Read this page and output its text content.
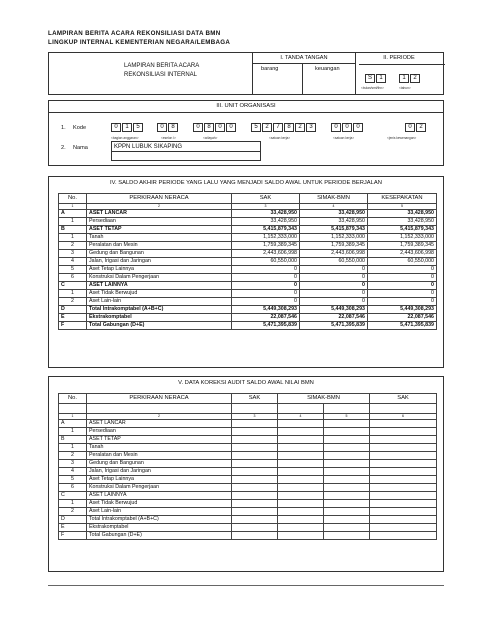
LAMPIRAN BERITA ACARA REKONSILIASI DATA BMN
LINGKUP INTERNAL KEMENTERIAN NEGARA/LEMBAGA
LAMPIRAN BERITA ACARA
REKONSILIASI INTERNAL
I. TANDA TANGAN
barang	keuangan
II. PERIODE
S	1	1	2
<bulan/smt/thn>	<tahun>
III. UNIT ORGANISASI
1. Kode	0	1	5	0	8	0	8	0	0	5	2	7	8	2	3	0	0	0	0	2
<bagian anggaran>	<eselon I>	<wilayah>	<satuan kerja>	<satuan kerja>	<jenis kewenangan>
2. Nama	KPPN LUBUK SIKAPING
IV. SALDO AKHIR PERIODE YANG LALU YANG MENJADI SALDO AWAL UNTUK PERIODE BERJALAN
No.	PERKIRAAN NERACA	SAK	SIMAK-BMN	KESEPAKATAN
1	2	3	4	5
A	ASET LANCAR	33,428,950	33,428,950	33,428,950
1	Persediaan	33,428,950	33,428,950	33,428,950
B	ASET TETAP	5,415,879,343	5,415,879,343	5,415,879,343
1	Tanah	1,152,333,000	1,152,333,000	1,152,333,000
2	Peralatan dan Mesin	1,759,389,345	1,759,389,345	1,759,389,345
3	Gedung dan Bangunan	2,443,606,998	2,443,606,998	2,443,606,998
4	Jalan, Irigasi dan Jaringan	60,550,000	60,550,000	60,550,000
5	Aset Tetap Lainnya	0	0	0
6	Konstruksi Dalam Pengerjaan	0	0	0
C	ASET LAINNYA	0	0	0
1	Aset Tidak Berwujud	0	0	0
2	Aset Lain-lain	0	0	0
D	Total Intrakomptabel (A+B+C)	5,449,308,293	5,449,308,293	5,449,308,293
E	Ekstrakomptabel	22,087,546	22,087,546	22,087,546
F	Total Gabungan (D+E)	5,471,395,839	5,471,395,839	5,471,395,839
V. DATA KOREKSI AUDIT SALDO AWAL NILAI BMN
No.	PERKIRAAN NERACA	SAK	SIMAK-BMN		SAK

1	2	3	4	5	6
A	ASET LANCAR				
1	Persediaan				
B	ASET TETAP				
1	Tanah				
2	Peralatan dan Mesin				
3	Gedung dan Bangunan				
4	Jalan, Irigasi dan Jaringan				
5	Aset Tetap Lainnya				
6	Konstruksi Dalam Pengerjaan				
C	ASET LAINNYA				
1	Aset Tidak Berwujud				
2	Aset Lain-lain				
D	Total Intrakomptabel (A+B+C)				
E	Ekstrakomptabel				
F	Total Gabungan (D+E)				
